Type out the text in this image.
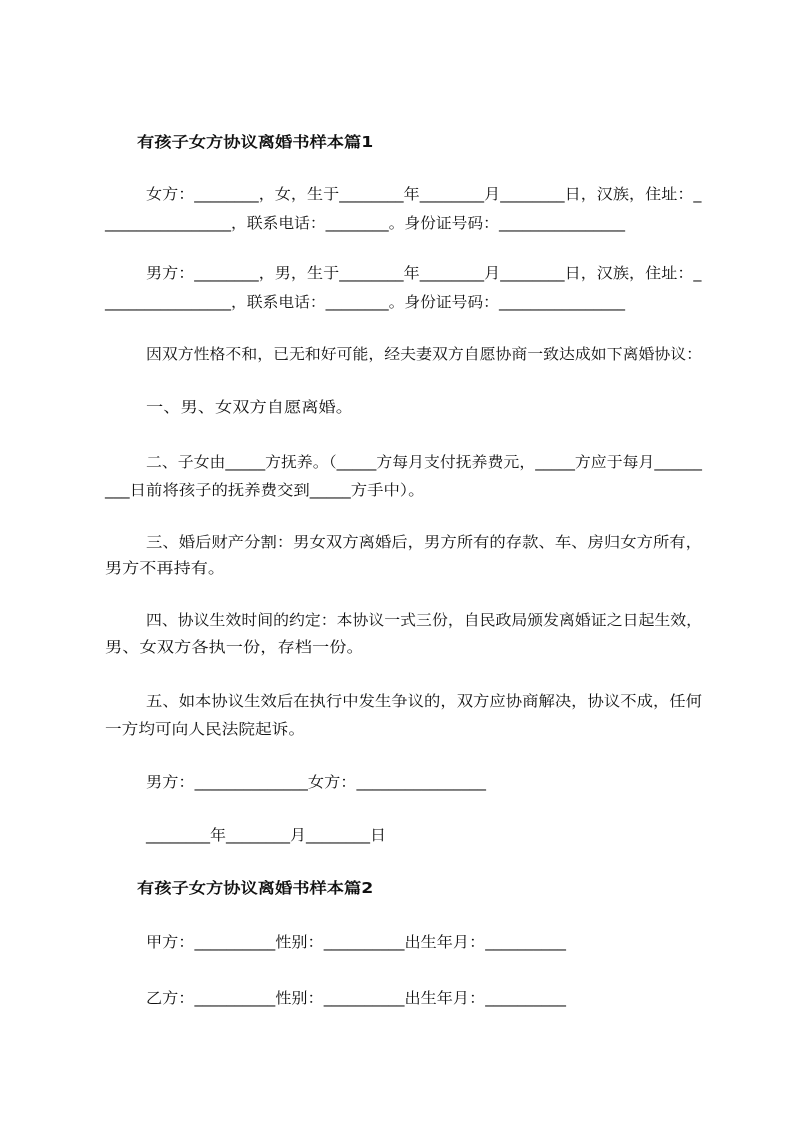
有孩子女方协议离婚书样本篇1
女方：________，女，生于________年________月________日，汉族，住址：_
________________，联系电话：________。身份证号码：________________
男方：________，男，生于________年________月________日，汉族，住址：_
________________，联系电话：________。身份证号码：________________
因双方性格不和，已无和好可能，经夫妻双方自愿协商一致达成如下离婚协议：
一、男、女双方自愿离婚。
二、子女由_____方抚养。（_____方每月支付抚养费元，_____方应于每月______
___日前将孩子的抚养费交到_____方手中）。
三、婚后财产分割：男女双方离婚后，男方所有的存款、车、房归女方所有，
男方不再持有。
四、协议生效时间的约定：本协议一式三份，自民政局颁发离婚证之日起生效，
男、女双方各执一份，存档一份。
五、如本协议生效后在执行中发生争议的，双方应协商解决，协议不成，任何
一方均可向人民法院起诉。
男方：______________女方：________________
________年________月________日
有孩子女方协议离婚书样本篇2
甲方：__________性别：__________出生年月：__________
乙方：__________性别：__________出生年月：__________
